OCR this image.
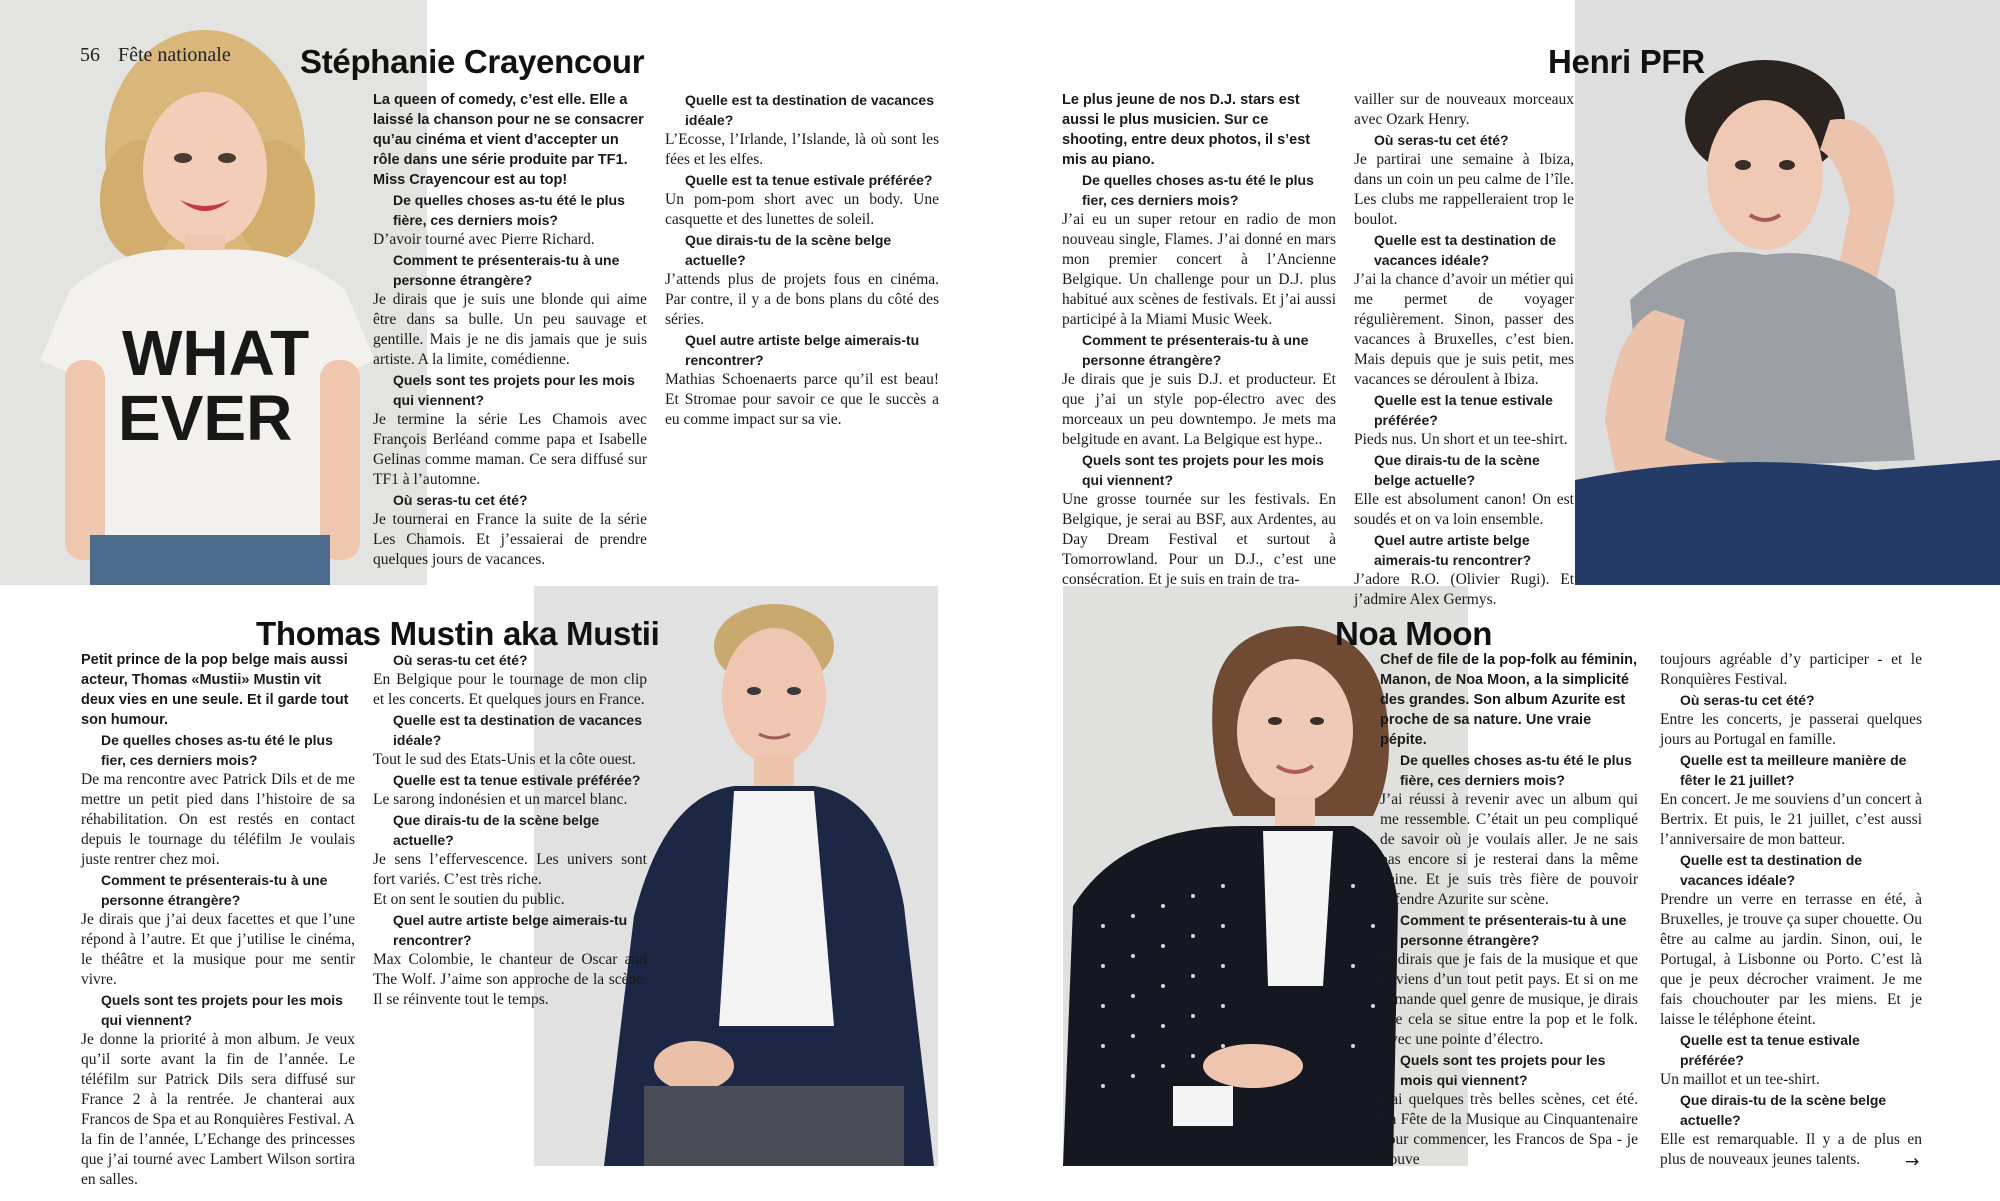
WHAT
EVER
56 Fête nationale	Stéphanie Crayencour	Henri PFR
Thomas Mustin aka Mustii	Noa Moon

La queen of comedy, c’est elle. Elle a laissé la chanson pour ne se consacrer qu’au cinéma et vient d’accepter un rôle dans une série produite par TF1. Miss Crayencour est au top!

De quelles choses as-tu été le plus fière, ces derniers mois?

D’avoir tourné avec Pierre Richard.

Comment te présenterais-tu à une personne étrangère?

Je dirais que je suis une blonde qui aime être dans sa bulle. Un peu sauvage et gentille. Mais je ne dis jamais que je suis artiste. A la limite, comédienne.

Quels sont tes projets pour les mois qui viennent?

Je termine la série Les Chamois avec François Berléand comme papa et Isabelle Gelinas comme maman. Ce sera diffusé sur TF1 à l’automne.

Où seras-tu cet été?

Je tournerai en France la suite de la série Les Chamois. Et j’essaierai de prendre quelques jours de vacances.

Quelle est ta destination de vacances idéale?

L’Ecosse, l’Irlande, l’Islande, là où sont les fées et les elfes.

Quelle est ta tenue estivale préférée?

Un pom-pom short avec un body. Une casquette et des lunettes de soleil.

Que dirais-tu de la scène belge actuelle?

J’attends plus de projets fous en cinéma. Par contre, il y a de bons plans du côté des séries.

Quel autre artiste belge aimerais-tu rencontrer?

Mathias Schoenaerts parce qu’il est beau! Et Stromae pour savoir ce que le succès a eu comme impact sur sa vie.

Le plus jeune de nos D.J. stars est aussi le plus musicien. Sur ce shooting, entre deux photos, il s’est mis au piano.

De quelles choses as-tu été le plus fier, ces derniers mois?

J’ai eu un super retour en radio de mon nouveau single, Flames. J’ai donné en mars mon premier concert à l’Ancienne Belgique. Un challenge pour un D.J. plus habitué aux scènes de festivals. Et j’ai aussi participé à la Miami Music Week.

Comment te présenterais-tu à une personne étrangère?

Je dirais que je suis D.J. et producteur. Et que j’ai un style pop-électro avec des morceaux un peu downtempo. Je mets ma belgitude en avant. La Belgique est hype..

Quels sont tes projets pour les mois qui viennent?

Une grosse tournée sur les festivals. En Belgique, je serai au BSF, aux Ardentes, au Day Dream Festival et surtout à Tomorrowland. Pour un D.J., c’est une consécration. Et je suis en train de tra-

vailler sur de nouveaux morceaux avec Ozark Henry.

Où seras-tu cet été?

Je partirai une semaine à Ibiza, dans un coin un peu calme de l’île. Les clubs me rappelleraient trop le boulot.

Quelle est ta destination de vacances idéale?

J’ai la chance d’avoir un métier qui me permet de voyager régulièrement. Sinon, passer des vacances à Bruxelles, c’est bien. Mais depuis que je suis petit, mes vacances se déroulent à Ibiza.

Quelle est la tenue estivale préférée?

Pieds nus. Un short et un tee-shirt.

Que dirais-tu de la scène belge actuelle?

Elle est absolument canon! On est soudés et on va loin ensemble.

Quel autre artiste belge aimerais-tu rencontrer?

J’adore R.O. (Olivier Rugi). Et j’admire Alex Germys.

Petit prince de la pop belge mais aussi acteur, Thomas «Mustii» Mustin vit deux vies en une seule. Et il garde tout son humour.

De quelles choses as-tu été le plus fier, ces derniers mois?

De ma rencontre avec Patrick Dils et de me mettre un petit pied dans l’histoire de sa réhabilitation. On est restés en contact depuis le tournage du téléfilm Je voulais juste rentrer chez moi.

Comment te présenterais-tu à une personne étrangère?

Je dirais que j’ai deux facettes et que l’une répond à l’autre. Et que j’utilise le cinéma, le théâtre et la musique pour me sentir vivre.

Quels sont tes projets pour les mois qui viennent?

Je donne la priorité à mon album. Je veux qu’il sorte avant la fin de l’année. Le téléfilm sur Patrick Dils sera diffusé sur France 2 à la rentrée. Je chanterai aux Francos de Spa et au Ronquières Festival. A la fin de l’année, L’Echange des princesses que j’ai tourné avec Lambert Wilson sortira en salles.

Où seras-tu cet été?

En Belgique pour le tournage de mon clip et les concerts. Et quelques jours en France.

Quelle est ta destination de vacances idéale?

Tout le sud des Etats-Unis et la côte ouest.

Quelle est ta tenue estivale préférée?

Le sarong indonésien et un marcel blanc.

Que dirais-tu de la scène belge actuelle?

Je sens l’effervescence. Les univers sont fort variés. C’est très riche.

Et on sent le soutien du public.

Quel autre artiste belge aimerais-tu rencontrer?

Max Colombie, le chanteur de Oscar and The Wolf. J’aime son approche de la scène. Il se réinvente tout le temps.

Chef de file de la pop-folk au féminin, Manon, de Noa Moon, a la simplicité des grandes. Son album Azurite est proche de sa nature. Une vraie pépite.

De quelles choses as-tu été le plus fière, ces derniers mois?

J’ai réussi à revenir avec un album qui me ressemble. C’était un peu compliqué de savoir où je voulais aller. Je ne sais pas encore si je resterai dans la même veine. Et je suis très fière de pouvoir défendre Azurite sur scène.

Comment te présenterais-tu à une personne étrangère?

Je dirais que je fais de la musique et que je viens d’un tout petit pays. Et si on me demande quel genre de musique, je dirais que cela se situe entre la pop et le folk. Avec une pointe d’électro.

Quels sont tes projets pour les mois qui viennent?

J’ai quelques très belles scènes, cet été. La Fête de la Musique au Cinquantenaire pour commencer, les Francos de Spa - je trouve

toujours agréable d’y participer - et le Ronquières Festival.

Où seras-tu cet été?

Entre les concerts, je passerai quelques jours au Portugal en famille.

Quelle est ta meilleure manière de fêter le 21 juillet?

En concert. Je me souviens d’un concert à Bertrix. Et puis, le 21 juillet, c’est aussi l’anniversaire de mon batteur.

Quelle est ta destination de vacances idéale?

Prendre un verre en terrasse en été, à Bruxelles, je trouve ça super chouette. Ou être au calme au jardin. Sinon, oui, le Portugal, à Lisbonne ou Porto. C’est là que je peux décrocher vraiment. Je me fais chouchouter par les miens. Et je laisse le téléphone éteint.

Quelle est ta tenue estivale préférée?

Un maillot et un tee-shirt.

Que dirais-tu de la scène belge actuelle?

Elle est remarquable. Il y a de plus en plus de nouveaux jeunes talents.	→
